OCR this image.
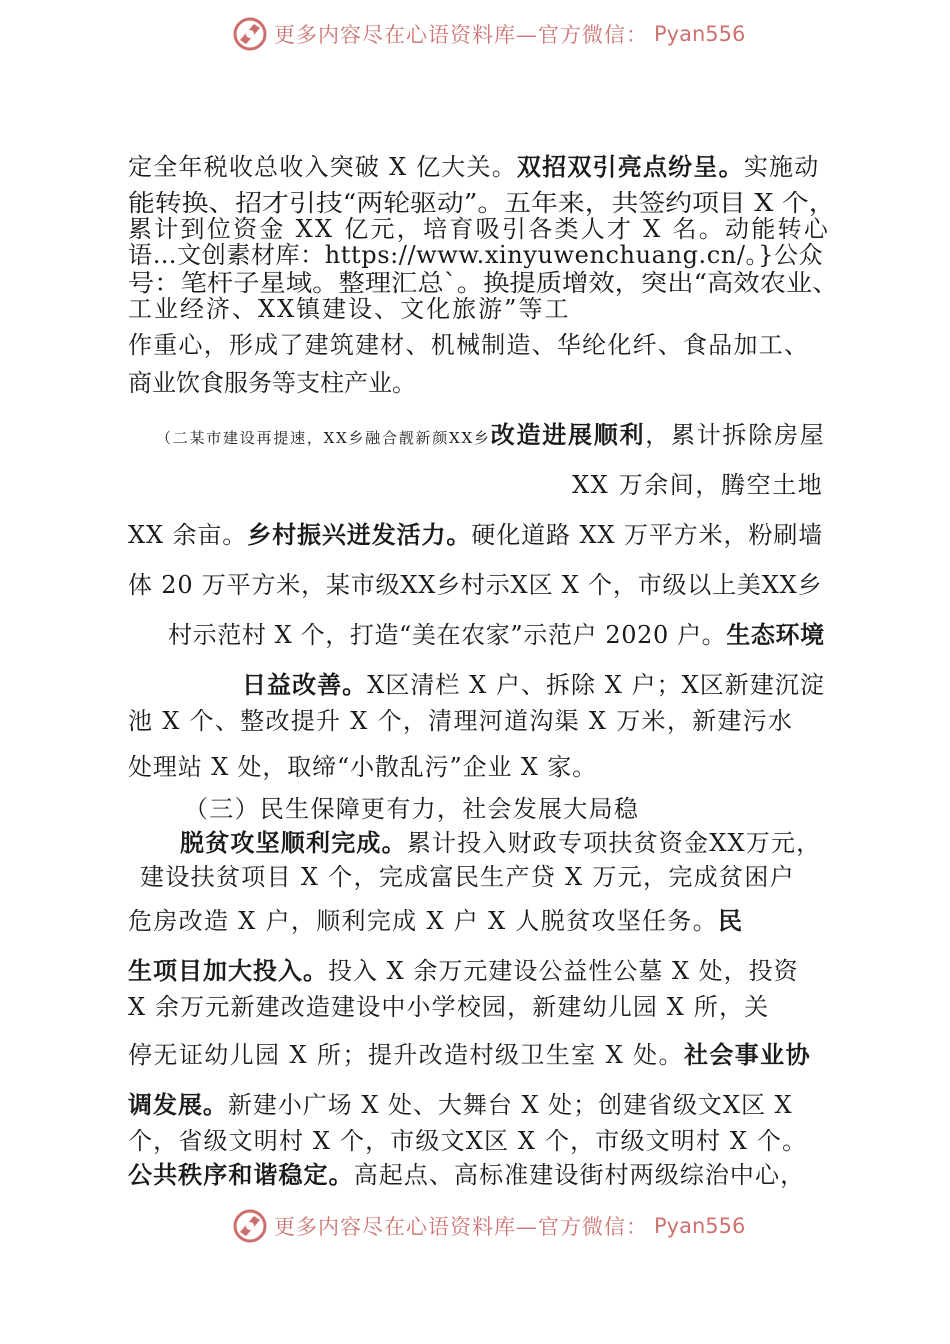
更多内容尽在心语资料库—官方微信： Pyan556
定全年税收总收入突破 X 亿大关。双招双引亮点纷呈。实施动
能转换、招才引技“两轮驱动”。五年来，共签约项目 X 个，
累计到位资金 XX 亿元，培育吸引各类人才 X 名。动能转心
语…文创素材库：https://www.xinyuwenchuang.cn/。}公众
号：笔杆子星域。整理汇总`。换提质增效，突出“高效农业、
工业经济、XX镇建设、文化旅游”等工
作重心，形成了建筑建材、机械制造、华纶化纤、食品加工、
商业饮食服务等支柱产业。
（二某市建设再提速，XX乡融合靓新颜XX乡改造进展顺利，累计拆除房屋
XX 万余间，腾空土地
XX 余亩。乡村振兴迸发活力。硬化道路 XX 万平方米，粉刷墙
体 20 万平方米，某市级XX乡村示X区 X 个，市级以上美XX乡
村示范村 X 个，打造“美在农家”示范户 2020 户。生态环境
日益改善。X区清栏 X 户、拆除 X 户；X区新建沉淀
池 X 个、整改提升 X 个，清理河道沟渠 X 万米，新建污水
处理站 X 处，取缔“小散乱污”企业 X 家。
（三）民生保障更有力，社会发展大局稳
脱贫攻坚顺利完成。累计投入财政专项扶贫资金XX万元，
建设扶贫项目 X 个，完成富民生产贷 X 万元，完成贫困户
危房改造 X 户，顺利完成 X 户 X 人脱贫攻坚任务。民
生项目加大投入。投入 X 余万元建设公益性公墓 X 处，投资
X 余万元新建改造建设中小学校园，新建幼儿园 X 所，关
停无证幼儿园 X 所；提升改造村级卫生室 X 处。社会事业协
调发展。新建小广场 X 处、大舞台 X 处；创建省级文X区 X
个，省级文明村 X 个，市级文X区 X 个，市级文明村 X 个。
公共秩序和谐稳定。高起点、高标准建设街村两级综治中心，
更多内容尽在心语资料库—官方微信： Pyan556
